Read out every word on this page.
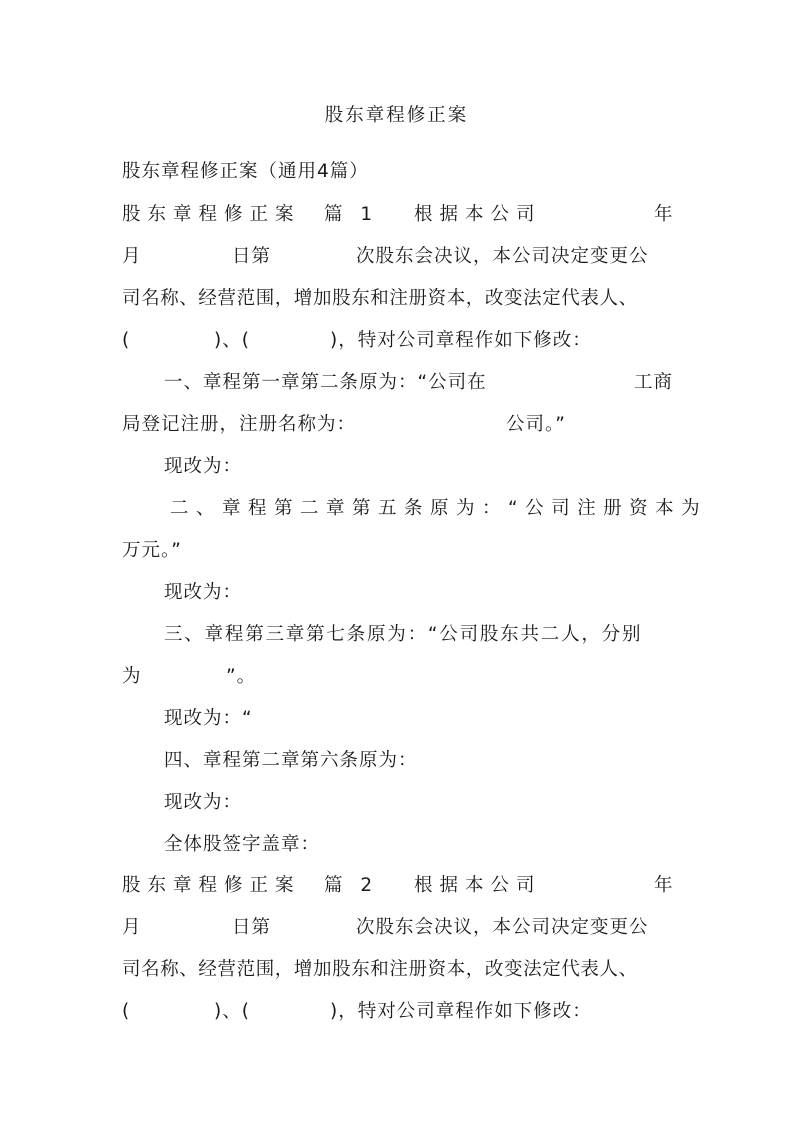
股东章程修正案
股东章程修正案（通用4篇）
股东章程修正案 篇 1 根据本公司	年
月	日第	次股东会决议，本公司决定变更公
司名称、经营范围，增加股东和注册资本，改变法定代表人、
(	)、(	)，特对公司章程作如下修改：
一、章程第一章第二条原为：“公司在	工商
局登记注册，注册名称为：	公司。”
现改为：
二、章程第二章第五条原为：“公司注册资本为
万元。”
现改为：
三、章程第三章第七条原为：“公司股东共二人，分别
为	”。
现改为：“
四、章程第二章第六条原为：
现改为：
全体股签字盖章：
股东章程修正案 篇 2 根据本公司	年
月	日第	次股东会决议，本公司决定变更公
司名称、经营范围，增加股东和注册资本，改变法定代表人、
(	)、(	)，特对公司章程作如下修改：
